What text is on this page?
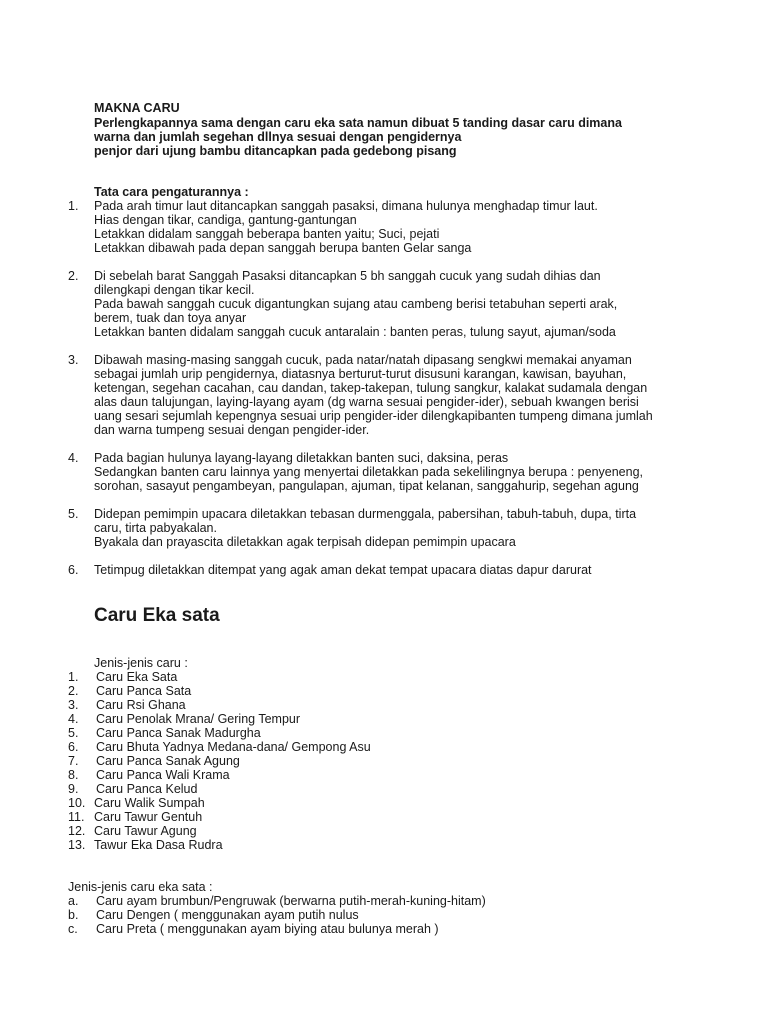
MAKNA CARU
Perlengkapannya sama dengan caru eka sata namun dibuat 5 tanding dasar caru dimana
warna dan jumlah segehan dllnya sesuai dengan pengidernya
penjor dari ujung bambu ditancapkan pada gedebong pisang
Tata cara pengaturannya :
1. Pada arah timur laut ditancapkan sanggah pasaksi, dimana hulunya menghadap timur laut.
Hias dengan tikar, candiga, gantung-gantungan
Letakkan didalam sanggah beberapa banten yaitu; Suci, pejati
Letakkan dibawah pada depan sanggah berupa banten Gelar sanga
2. Di sebelah barat Sanggah Pasaksi ditancapkan 5 bh sanggah cucuk yang sudah dihias dan
dilengkapi dengan tikar kecil.
Pada bawah sanggah cucuk digantungkan sujang atau cambeng berisi tetabuhan seperti arak,
berem, tuak dan toya anyar
Letakkan banten didalam sanggah cucuk antaralain : banten peras, tulung sayut, ajuman/soda
3. Dibawah masing-masing sanggah cucuk, pada natar/natah dipasang sengkwi memakai anyaman
sebagai jumlah urip pengidernya, diatasnya berturut-turut disusuni karangan, kawisan, bayuhan,
ketengan, segehan cacahan, cau dandan, takep-takepan, tulung sangkur, kalakat sudamala dengan
alas daun talujungan, laying-layang ayam (dg warna sesuai pengider-ider), sebuah kwangen berisi
uang sesari sejumlah kepengnya sesuai urip pengider-ider dilengkapibanten tumpeng dimana jumlah
dan warna tumpeng sesuai dengan pengider-ider.
4. Pada bagian hulunya layang-layang diletakkan banten suci, daksina, peras
Sedangkan banten caru lainnya yang menyertai diletakkan pada sekelilingnya berupa : penyeneng,
sorohan, sasayut pengambeyan, pangulapan, ajuman, tipat kelanan, sanggahurip, segehan agung
5. Didepan pemimpin upacara diletakkan tebasan durmenggala, pabersihan, tabuh-tabuh, dupa, tirta
caru, tirta pabyakalan.
Byakala dan prayascita diletakkan agak terpisah didepan pemimpin upacara
6. Tetimpug diletakkan ditempat yang agak aman dekat tempat upacara diatas dapur darurat
Caru Eka sata
Jenis-jenis caru :
1. Caru Eka Sata
2. Caru Panca Sata
3. Caru Rsi Ghana
4. Caru Penolak Mrana/ Gering Tempur
5. Caru Panca Sanak Madurgha
6. Caru Bhuta Yadnya Medana-dana/ Gempong Asu
7. Caru Panca Sanak Agung
8. Caru Panca Wali Krama
9. Caru Panca Kelud
10. Caru Walik Sumpah
11. Caru Tawur Gentuh
12. Caru Tawur Agung
13. Tawur Eka Dasa Rudra
Jenis-jenis caru eka sata :
a. Caru ayam brumbun/Pengruwak (berwarna putih-merah-kuning-hitam)
b. Caru Dengen ( menggunakan ayam putih nulus
c. Caru Preta ( menggunakan ayam biying atau bulunya merah )
